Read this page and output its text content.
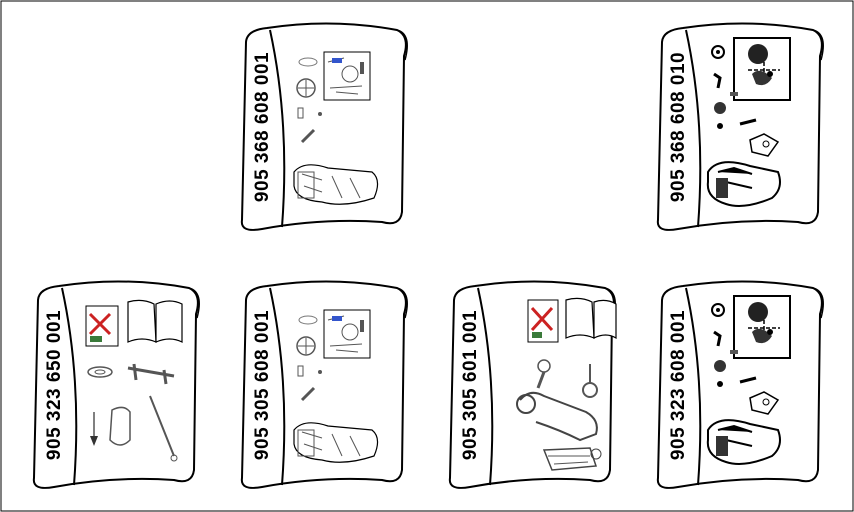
905 368 608 001	905 368 608 010
905 323 650 001	905 305 608 001	905 305 601 001	905 323 608 001
